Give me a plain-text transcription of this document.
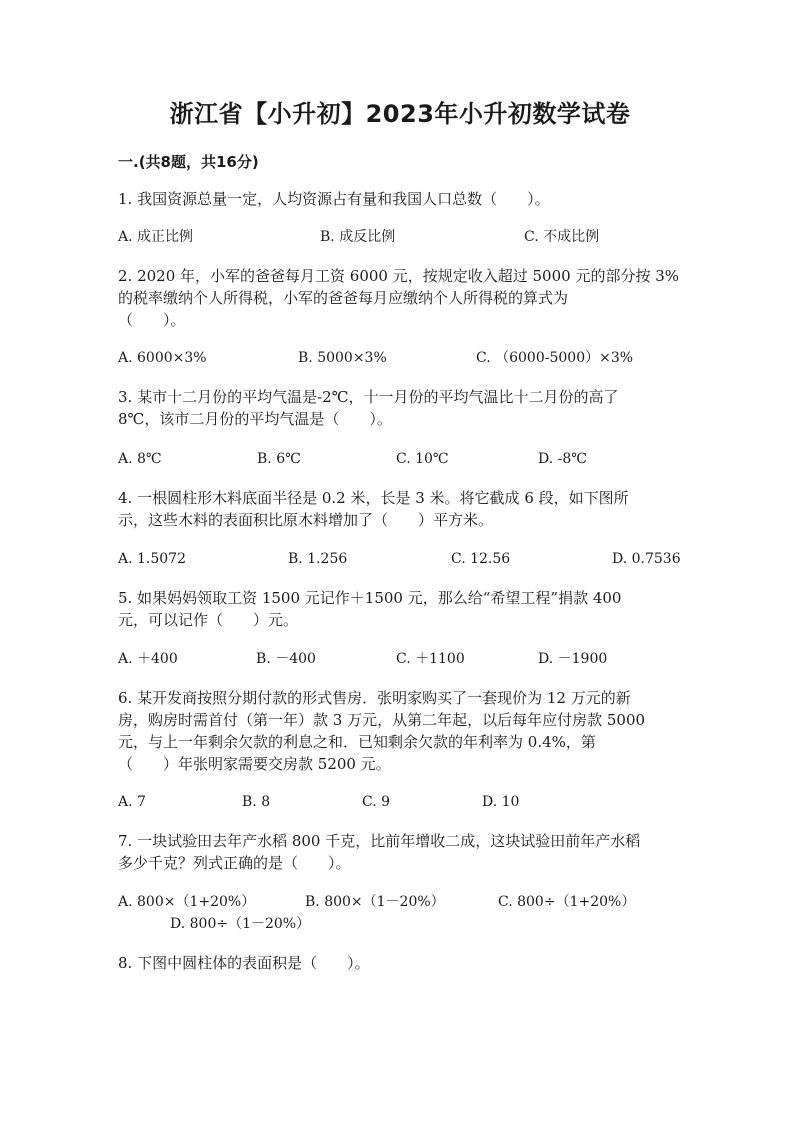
浙江省【小升初】2023年小升初数学试卷
一.(共8题，共16分)
1. 我国资源总量一定，人均资源占有量和我国人口总数（　　）。
A. 成正比例	B. 成反比例	C. 不成比例
2. 2020 年，小军的爸爸每月工资 6000 元，按规定收入超过 5000 元的部分按 3%
的税率缴纳个人所得税，小军的爸爸每月应缴纳个人所得税的算式为
（　　）。
A. 6000×3%	B. 5000×3%	C. （6000-5000）×3%
3. 某市十二月份的平均气温是-2℃，十一月份的平均气温比十二月份的高了
8℃，该市二月份的平均气温是（　　）。
A. 8℃	B. 6℃	C. 10℃	D. -8℃
4. 一根圆柱形木料底面半径是 0.2 米，长是 3 米。将它截成 6 段，如下图所
示，这些木料的表面积比原木料增加了（　　）平方米。
A. 1.5072	B. 1.256	C. 12.56	D. 0.7536
5. 如果妈妈领取工资 1500 元记作＋1500 元，那么给“希望工程”捐款 400
元，可以记作（　　）元。
A. ＋400	B. －400	C. ＋1100	D. －1900
6. 某开发商按照分期付款的形式售房．张明家购买了一套现价为 12 万元的新
房，购房时需首付（第一年）款 3 万元，从第二年起，以后每年应付房款 5000
元，与上一年剩余欠款的利息之和．已知剩余欠款的年利率为 0.4%，第
（　　）年张明家需要交房款 5200 元。
A. 7	B. 8	C. 9	D. 10
7. 一块试验田去年产水稻 800 千克，比前年增收二成，这块试验田前年产水稻
多少千克？列式正确的是（　　）。
A. 800×（1+20%）	B. 800×（1－20%）	C. 800÷（1+20%）
D. 800÷（1－20%）
8. 下图中圆柱体的表面积是（　　）。
